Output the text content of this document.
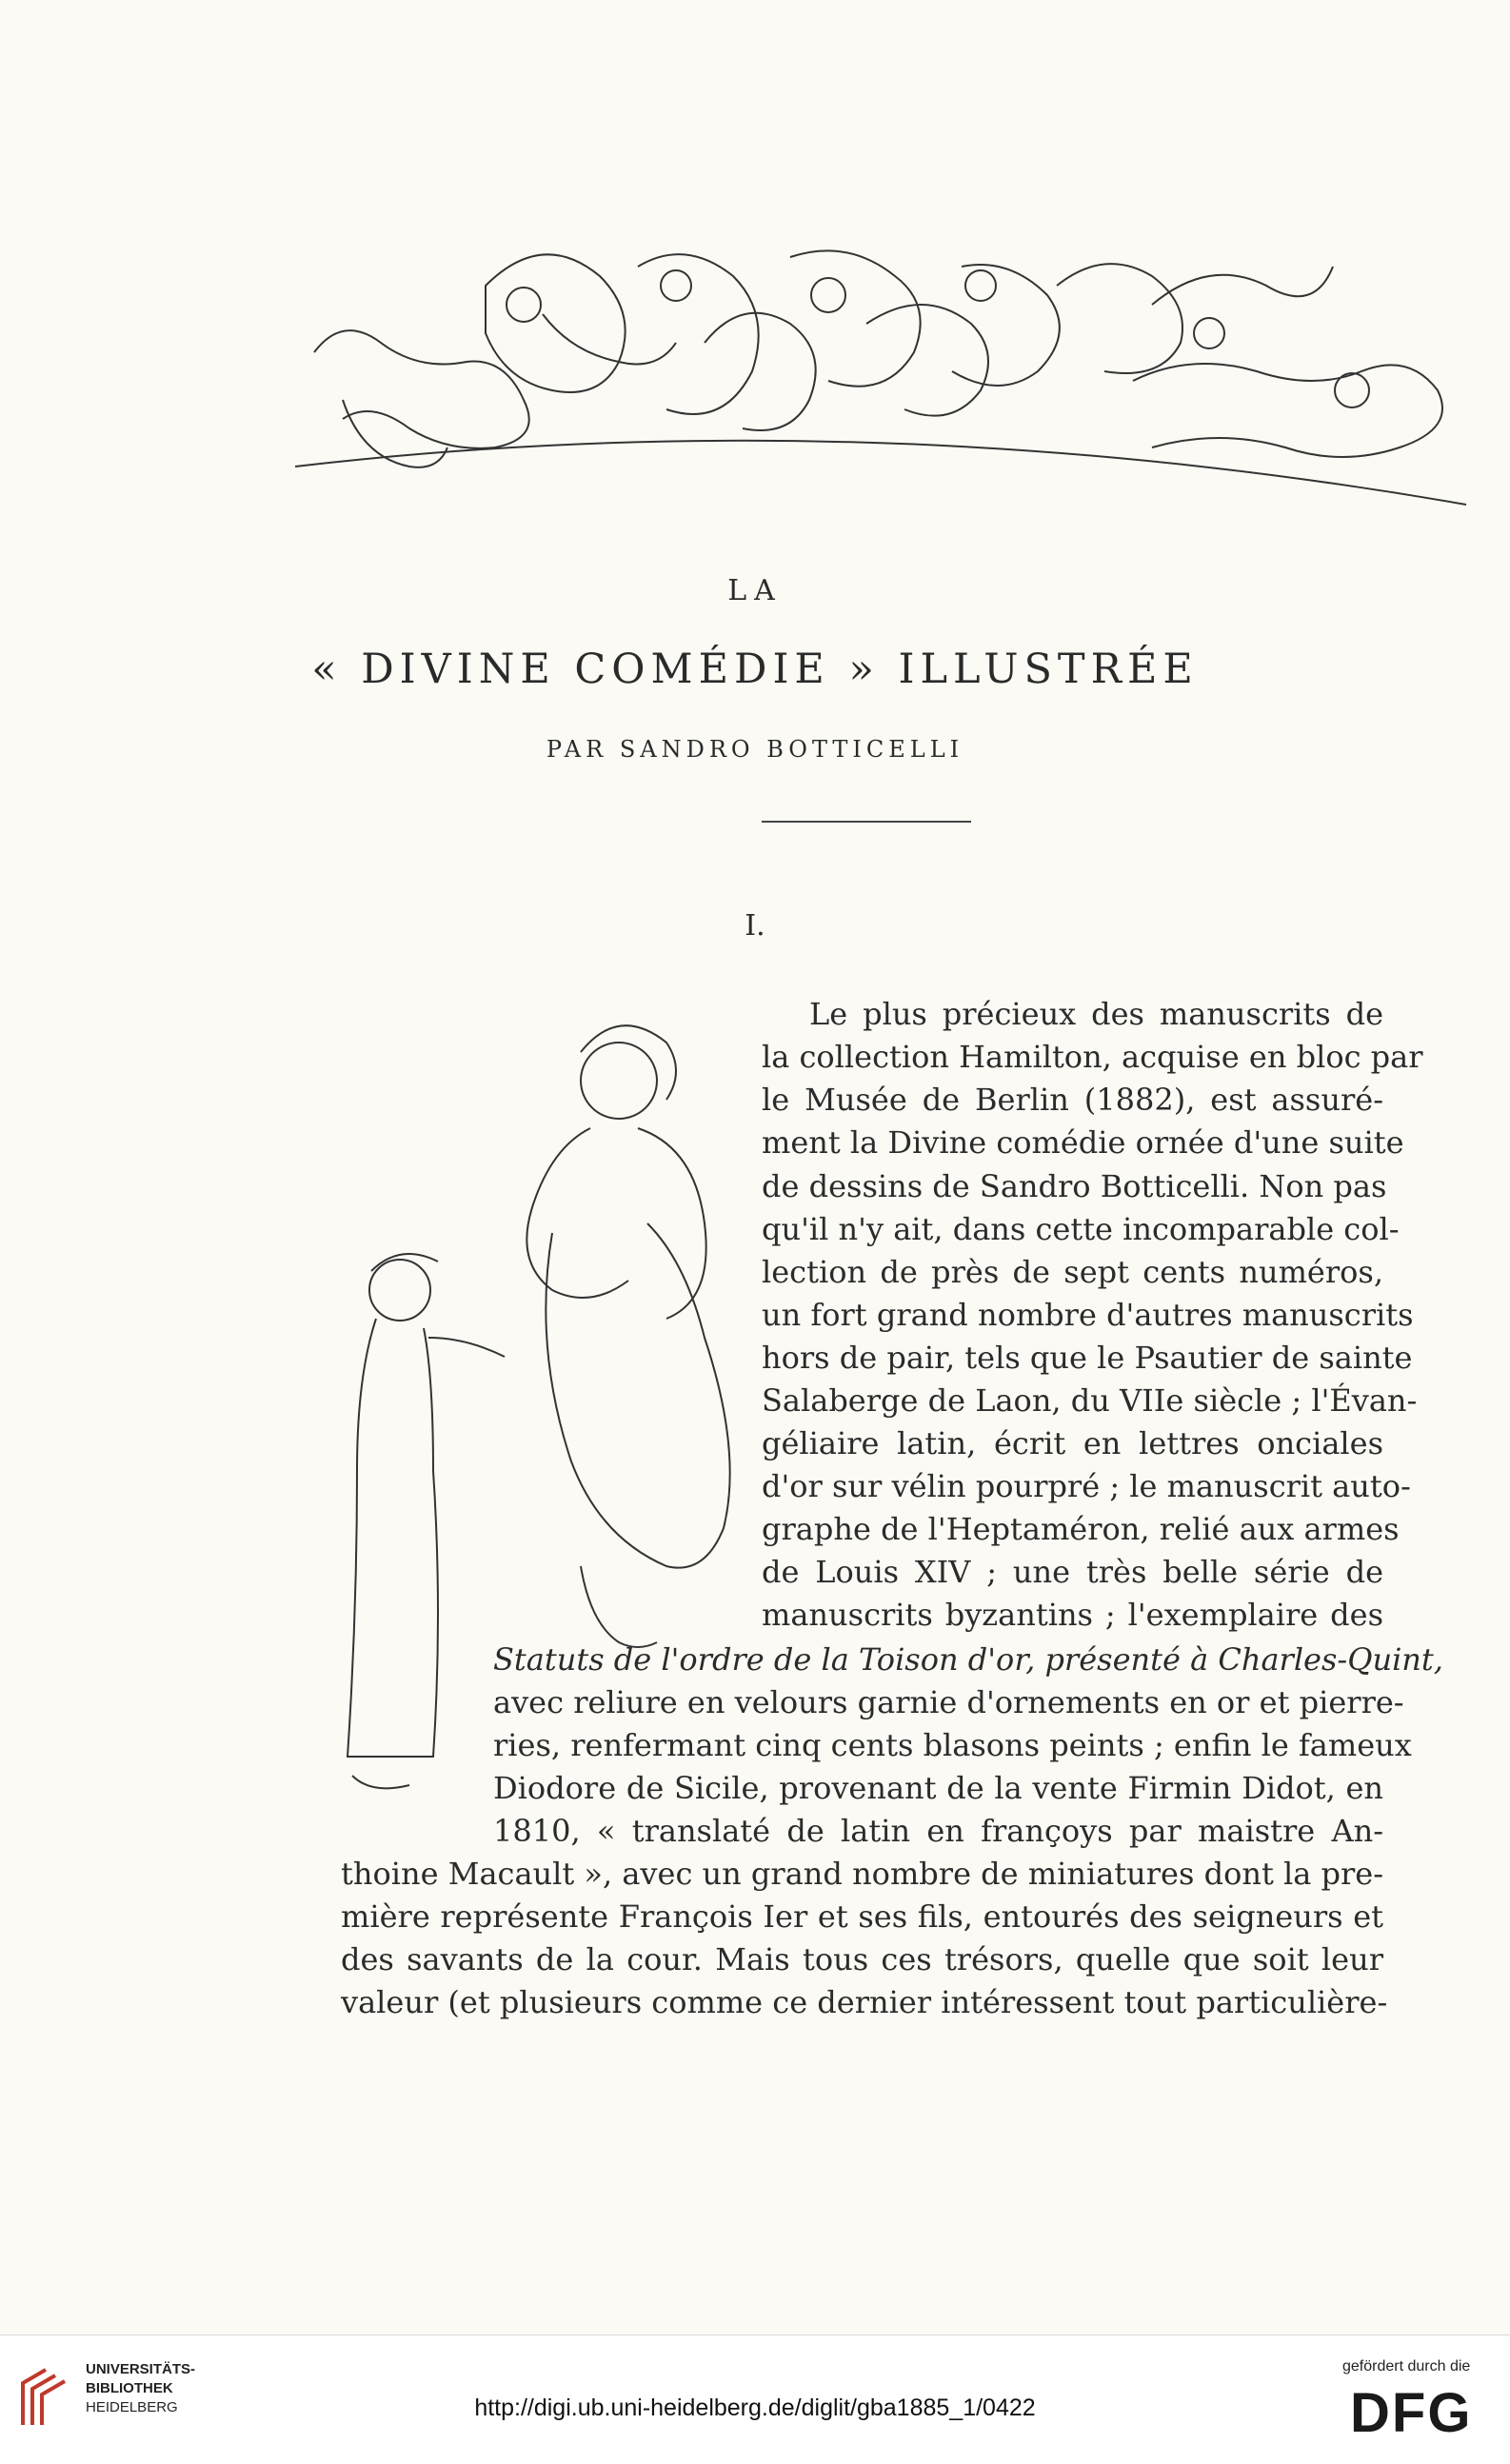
LA
« DIVINE COMÉDIE » ILLUSTRÉE
PAR SANDRO BOTTICELLI
I.
Le plus précieux des manuscrits de
la collection Hamilton, acquise en bloc par
le Musée de Berlin (1882), est assuré-
ment la Divine comédie ornée d'une suite
de dessins de Sandro Botticelli. Non pas
qu'il n'y ait, dans cette incomparable col-
lection de près de sept cents numéros,
un fort grand nombre d'autres manuscrits
hors de pair, tels que le Psautier de sainte
Salaberge de Laon, du VIIe siècle ; l'Évan-
géliaire latin, écrit en lettres onciales
d'or sur vélin pourpré ; le manuscrit auto-
graphe de l'Heptaméron, relié aux armes
de Louis XIV ; une très belle série de
manuscrits byzantins ; l'exemplaire des
Statuts de l'ordre de la Toison d'or, présenté à Charles-Quint,
avec reliure en velours garnie d'ornements en or et pierre-
ries, renfermant cinq cents blasons peints ; enfin le fameux
Diodore de Sicile, provenant de la vente Firmin Didot, en
1810, « translaté de latin en françoys par maistre An-
thoine Macault », avec un grand nombre de miniatures dont la pre-
mière représente François Ier et ses fils, entourés des seigneurs et
des savants de la cour. Mais tous ces trésors, quelle que soit leur
valeur (et plusieurs comme ce dernier intéressent tout particulière-
UNIVERSITÄTS-
BIBLIOTHEK
HEIDELBERG	http://digi.ub.uni-heidelberg.de/diglit/gba1885_1/0422
gefördert durch die
DFG
